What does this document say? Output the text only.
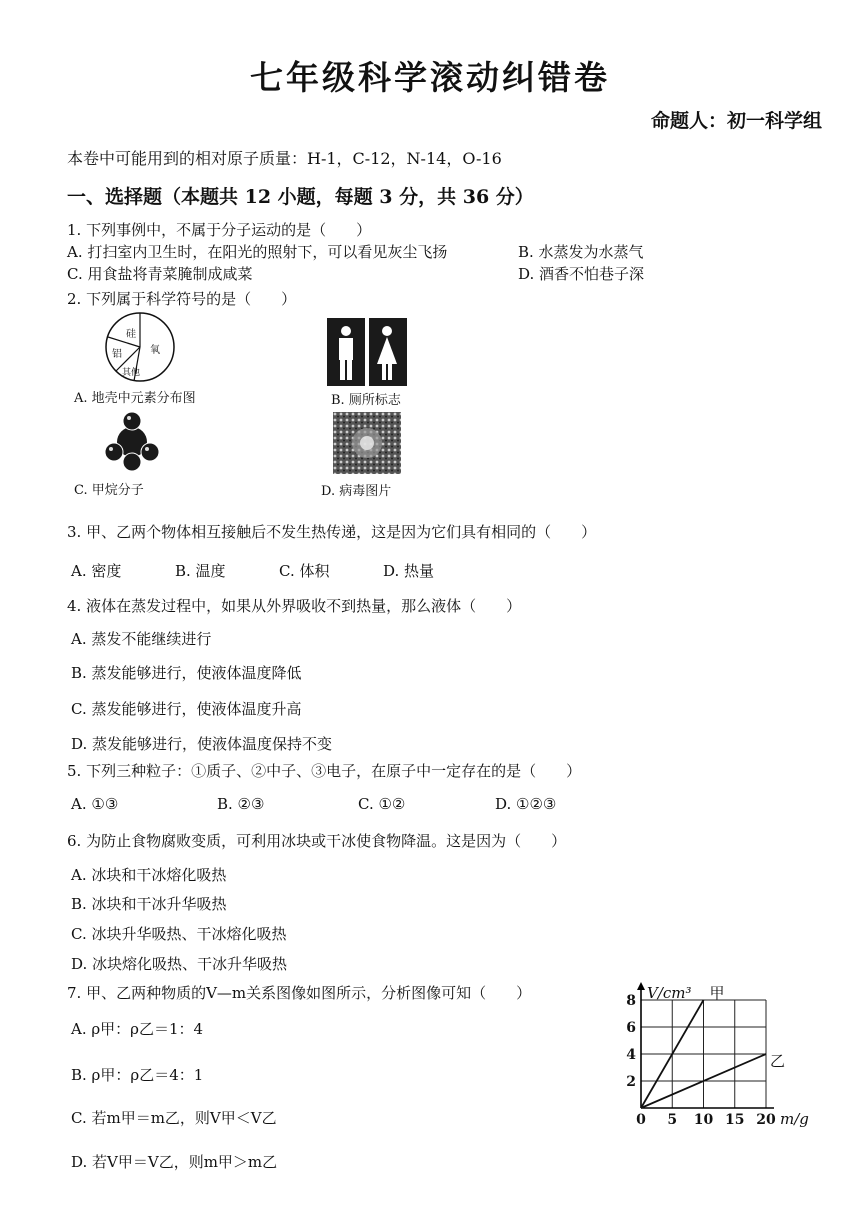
七年级科学滚动纠错卷
命题人：初一科学组
本卷中可能用到的相对原子质量：H-1，C-12，N-14，O-16
一、选择题（本题共 12 小题，每题 3 分，共 36 分）
1. 下列事例中，不属于分子运动的是（　　）
A. 打扫室内卫生时，在阳光的照射下，可以看见灰尘飞扬	B. 水蒸发为水蒸气
C. 用食盐将青菜腌制成咸菜	D. 酒香不怕巷子深
2. 下列属于科学符号的是（　　）
硅
铝	氧
其他
A. 地壳中元素分布图	B. 厕所标志
C. 甲烷分子	D. 病毒图片
3. 甲、乙两个物体相互接触后不发生热传递，这是因为它们具有相同的（　　）
A. 密度	B. 温度	C. 体积	D. 热量
4. 液体在蒸发过程中，如果从外界吸收不到热量，那么液体（　　）
A. 蒸发不能继续进行
B. 蒸发能够进行，使液体温度降低
C. 蒸发能够进行，使液体温度升高
D. 蒸发能够进行，使液体温度保持不变
5. 下列三种粒子：①质子、②中子、③电子，在原子中一定存在的是（　　）
A. ①③	B. ②③	C. ①②	D. ①②③
6. 为防止食物腐败变质，可利用冰块或干冰使食物降温。这是因为（　　）
A. 冰块和干冰熔化吸热
B. 冰块和干冰升华吸热
C. 冰块升华吸热、干冰熔化吸热
D. 冰块熔化吸热、干冰升华吸热
7. 甲、乙两种物质的V—m关系图像如图所示，分析图像可知（　　）
A. ρ甲：ρ乙＝1：4
B. ρ甲：ρ乙＝4：1
C. 若m甲＝m乙，则V甲＜V乙
D. 若V甲＝V乙，则m甲＞m乙
0 5 10 15 20
2
4
6
8
m/g
V/cm³ 甲
乙
